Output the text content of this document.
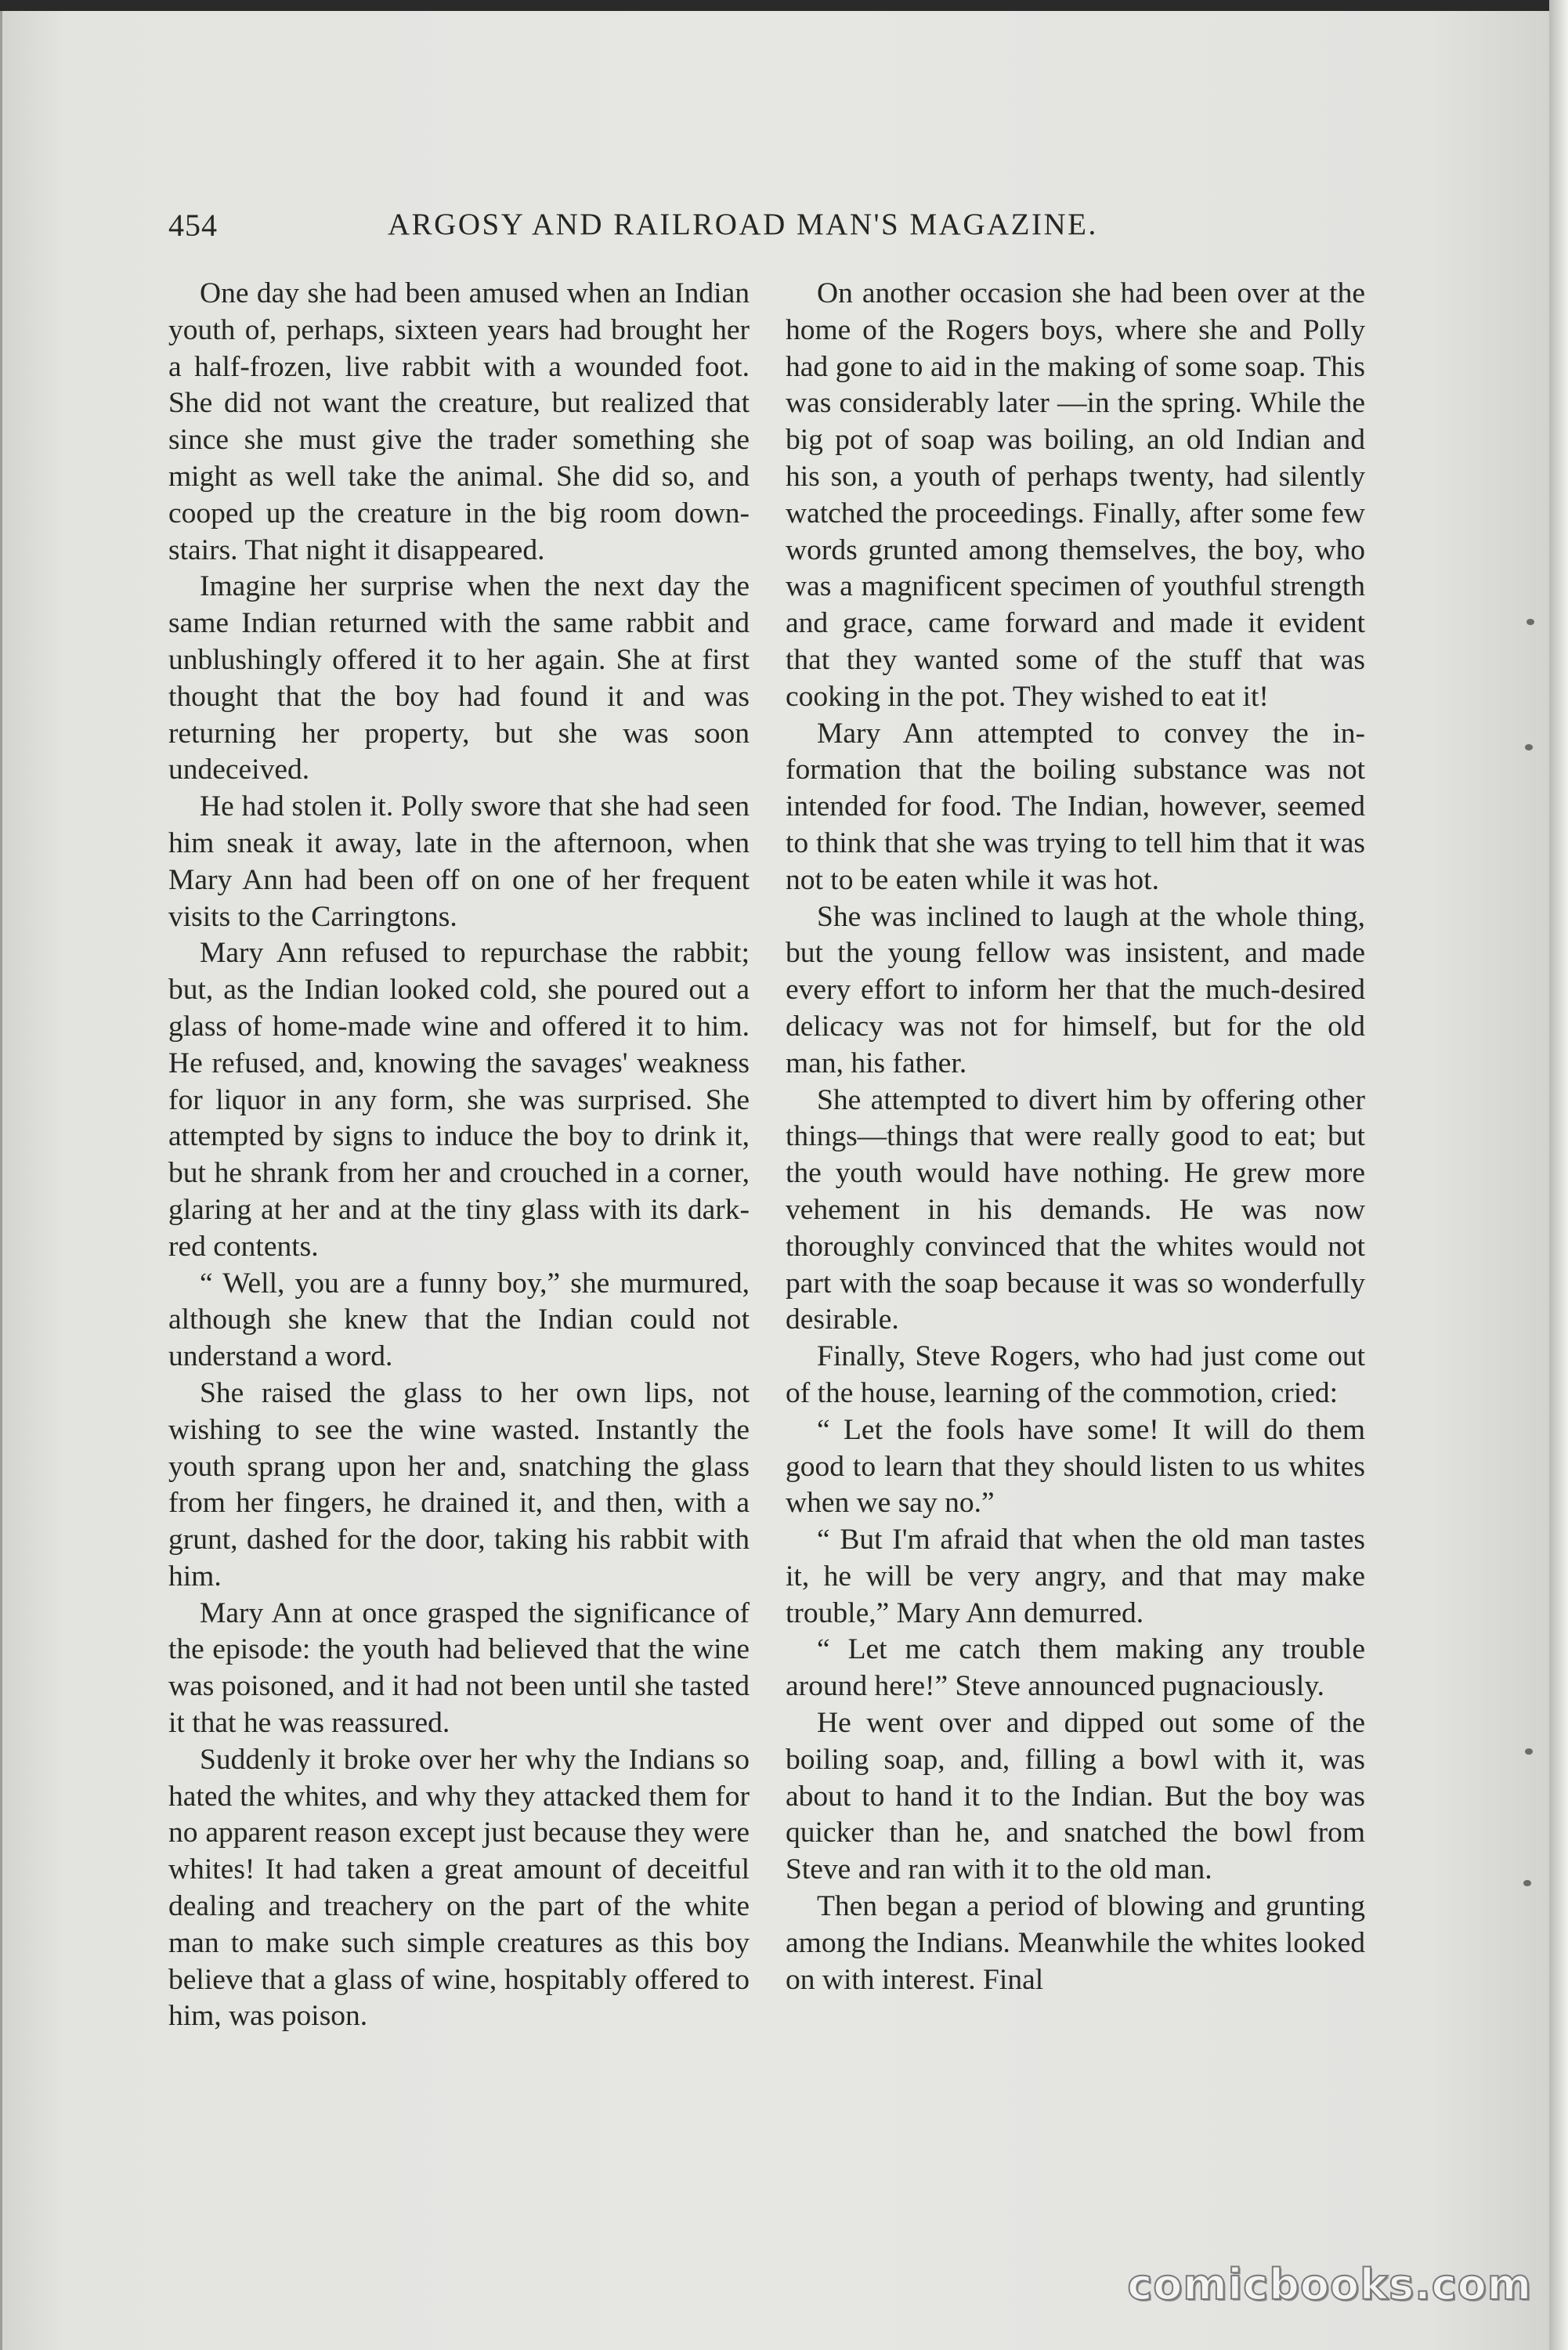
454	ARGOSY AND RAILROAD MAN'S MAGAZINE.

One day she had been amused when an Indian youth of, perhaps, sixteen years had brought her a half-frozen, live rabbit with a wounded foot. She did not want the creature, but realized that since she must give the trader something she might as well take the animal. She did so, and cooped up the creature in the big room down-stairs. That night it disappeared.

Imagine her surprise when the next day the same Indian returned with the same rabbit and unblushingly offered it to her again. She at first thought that the boy had found it and was returning her property, but she was soon undeceived.

He had stolen it. Polly swore that she had seen him sneak it away, late in the afternoon, when Mary Ann had been off on one of her frequent visits to the Carringtons.

Mary Ann refused to repurchase the rabbit; but, as the Indian looked cold, she poured out a glass of home-made wine and offered it to him. He refused, and, knowing the savages' weakness for liquor in any form, she was surprised. She attempted by signs to induce the boy to drink it, but he shrank from her and crouched in a corner, glaring at her and at the tiny glass with its dark-red contents.

“ Well, you are a funny boy,” she murmured, although she knew that the Indian could not understand a word.

She raised the glass to her own lips, not wishing to see the wine wasted. Instantly the youth sprang upon her and, snatching the glass from her fingers, he drained it, and then, with a grunt, dashed for the door, taking his rabbit with him.

Mary Ann at once grasped the significance of the episode: the youth had believed that the wine was poisoned, and it had not been until she tasted it that he was reassured.

Suddenly it broke over her why the Indians so hated the whites, and why they attacked them for no apparent reason except just because they were whites! It had taken a great amount of deceitful dealing and treachery on the part of the white man to make such simple creatures as this boy believe that a glass of wine, hospitably offered to him, was poison.

On another occasion she had been over at the home of the Rogers boys, where she and Polly had gone to aid in the making of some soap. This was considerably later —in the spring. While the big pot of soap was boiling, an old Indian and his son, a youth of perhaps twenty, had silently watched the proceedings. Finally, after some few words grunted among themselves, the boy, who was a magnificent specimen of youthful strength and grace, came forward and made it evident that they wanted some of the stuff that was cooking in the pot. They wished to eat it!

Mary Ann attempted to convey the information that the boiling substance was not intended for food. The Indian, however, seemed to think that she was trying to tell him that it was not to be eaten while it was hot.

She was inclined to laugh at the whole thing, but the young fellow was insistent, and made every effort to inform her that the much-desired delicacy was not for himself, but for the old man, his father.

She attempted to divert him by offering other things—things that were really good to eat; but the youth would have nothing. He grew more vehement in his demands. He was now thoroughly convinced that the whites would not part with the soap because it was so wonderfully desirable.

Finally, Steve Rogers, who had just come out of the house, learning of the commotion, cried:

“ Let the fools have some! It will do them good to learn that they should listen to us whites when we say no.”

“ But I'm afraid that when the old man tastes it, he will be very angry, and that may make trouble,” Mary Ann demurred.

“ Let me catch them making any trouble around here!” Steve announced pugnaciously.

He went over and dipped out some of the boiling soap, and, filling a bowl with it, was about to hand it to the Indian. But the boy was quicker than he, and snatched the bowl from Steve and ran with it to the old man.

Then began a period of blowing and grunting among the Indians. Meanwhile the whites looked on with interest. Final

comicbooks.com
